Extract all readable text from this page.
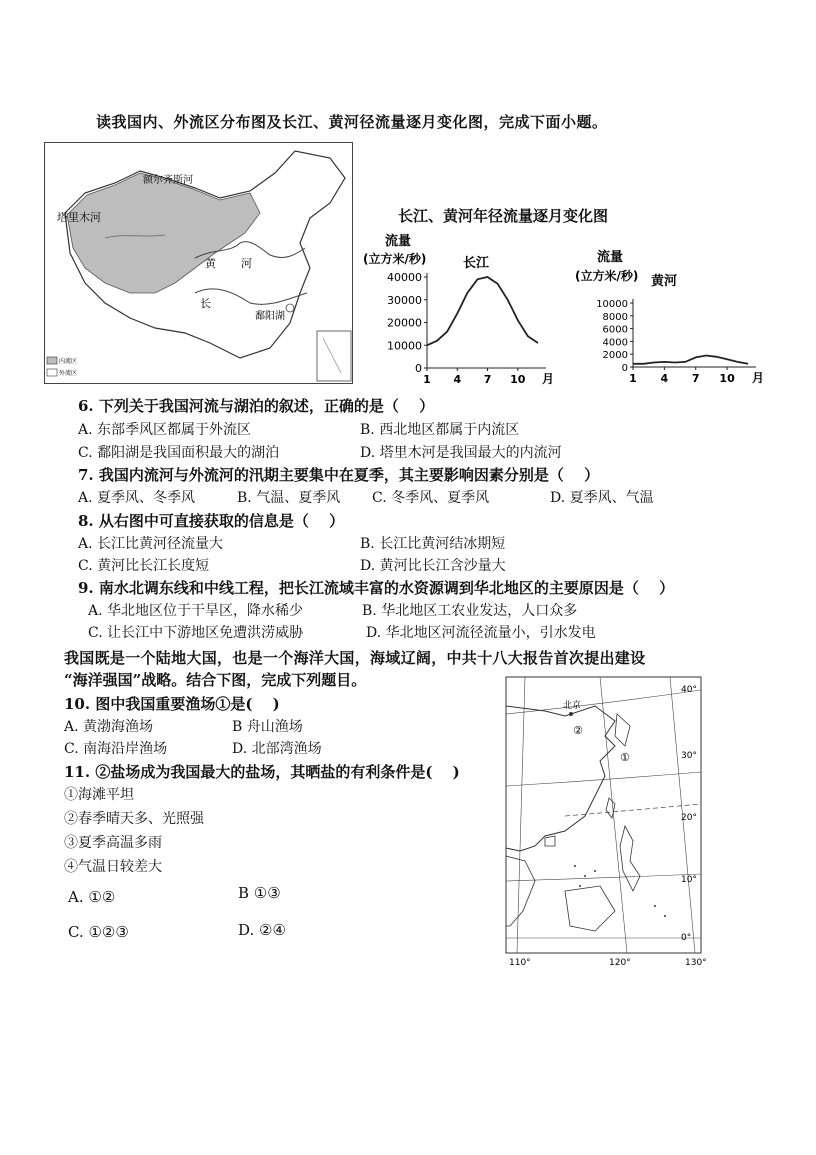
读我国内、外流区分布图及长江、黄河径流量逐月变化图，完成下面小题。
内流区
外流区
额尔齐斯河
塔里木河
黄 河
长
鄱阳湖
长江、黄河年径流量逐月变化图
0
10000
20000
30000
40000
1 4 7 10 月
流量
(立方米/秒)	长江
0
2000
4000
6000
8000
10000
1 4 7 10 月
流量
(立方米/秒) 黄河
6. 下列关于我国河流与湖泊的叙述，正确的是（　 ）
A. 东部季风区都属于外流区	B. 西北地区都属于内流区
C. 鄱阳湖是我国面积最大的湖泊	D. 塔里木河是我国最大的内流河
7. 我国内流河与外流河的汛期主要集中在夏季，其主要影响因素分别是（　 ）
A. 夏季风、冬季风	B. 气温、夏季风 C. 冬季风、夏季风	D. 夏季风、气温
8. 从右图中可直接获取的信息是（　 ）
A. 长江比黄河径流量大	B. 长江比黄河结冰期短
C. 黄河比长江长度短	D. 黄河比长江含沙量大
9. 南水北调东线和中线工程，把长江流域丰富的水资源调到华北地区的主要原因是（　 ）
A. 华北地区位于干旱区，降水稀少	B. 华北地区工农业发达，人口众多
C. 让长江中下游地区免遭洪涝威胁	D. 华北地区河流径流量小，引水发电
我国既是一个陆地大国，也是一个海洋大国，海域辽阔，中共十八大报告首次提出建设
“海洋强国”战略。结合下图，完成下列题目。
10. 图中我国重要渔场①是(　 )
A. 黄渤海渔场	B 舟山渔场
C. 南海沿岸渔场	D. 北部湾渔场
11. ②盐场成为我国最大的盐场，其晒盐的有利条件是(　 )
①海滩平坦
②春季晴天多、光照强
③夏季高温多雨
④气温日较差大
A. ①②	B ①③
C. ①②③	D. ②④
北京
②
①
40°
30°
20°
10°
0°
110°	120°	130°
